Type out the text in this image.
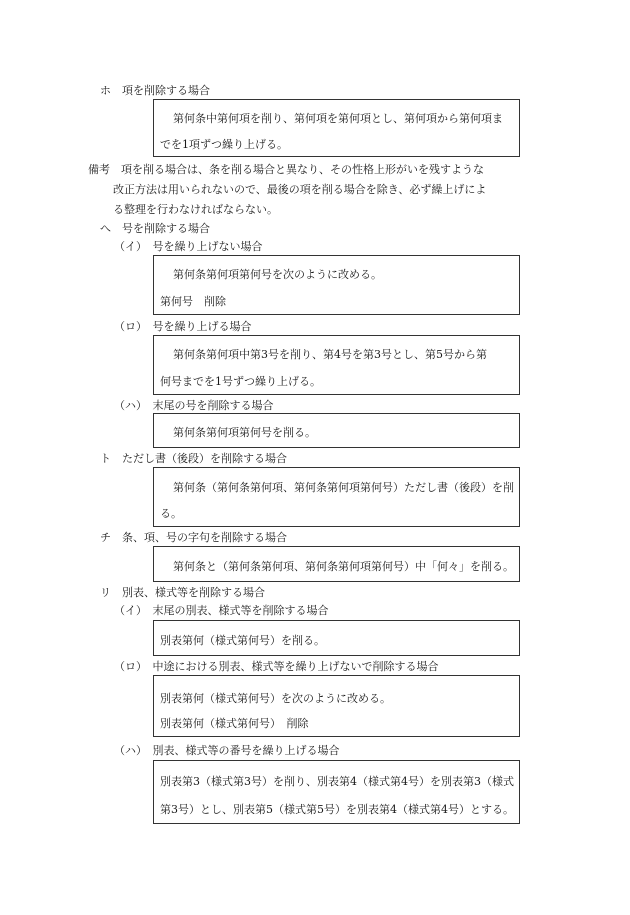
ホ　項を削除する場合
第何条中第何項を削り、第何項を第何項とし、第何項から第何項ま
でを1項ずつ繰り上げる。
備考　項を削る場合は、条を削る場合と異なり、その性格上形がいを残すような
改正方法は用いられないので、最後の項を削る場合を除き、必ず繰上げによ
る整理を行わなければならない。
へ　号を削除する場合
（イ）　号を繰り上げない場合
第何条第何項第何号を次のように改める。
第何号　削除
（ロ）　号を繰り上げる場合
第何条第何項中第3号を削り、第4号を第3号とし、第5号から第
何号までを1号ずつ繰り上げる。
（ハ）　末尾の号を削除する場合
第何条第何項第何号を削る。
ト　ただし書（後段）を削除する場合
第何条（第何条第何項、第何条第何項第何号）ただし書（後段）を削
る。
チ　条、項、号の字句を削除する場合
第何条と（第何条第何項、第何条第何項第何号）中「何々」を削る。
リ　別表、様式等を削除する場合
（イ）　末尾の別表、様式等を削除する場合
別表第何（様式第何号）を削る。
（ロ）　中途における別表、様式等を繰り上げないで削除する場合
別表第何（様式第何号）を次のように改める。
別表第何（様式第何号）　削除
（ハ）　別表、様式等の番号を繰り上げる場合
別表第3（様式第3号）を削り、別表第4（様式第4号）を別表第3（様式
第3号）とし、別表第5（様式第5号）を別表第4（様式第4号）とする。
